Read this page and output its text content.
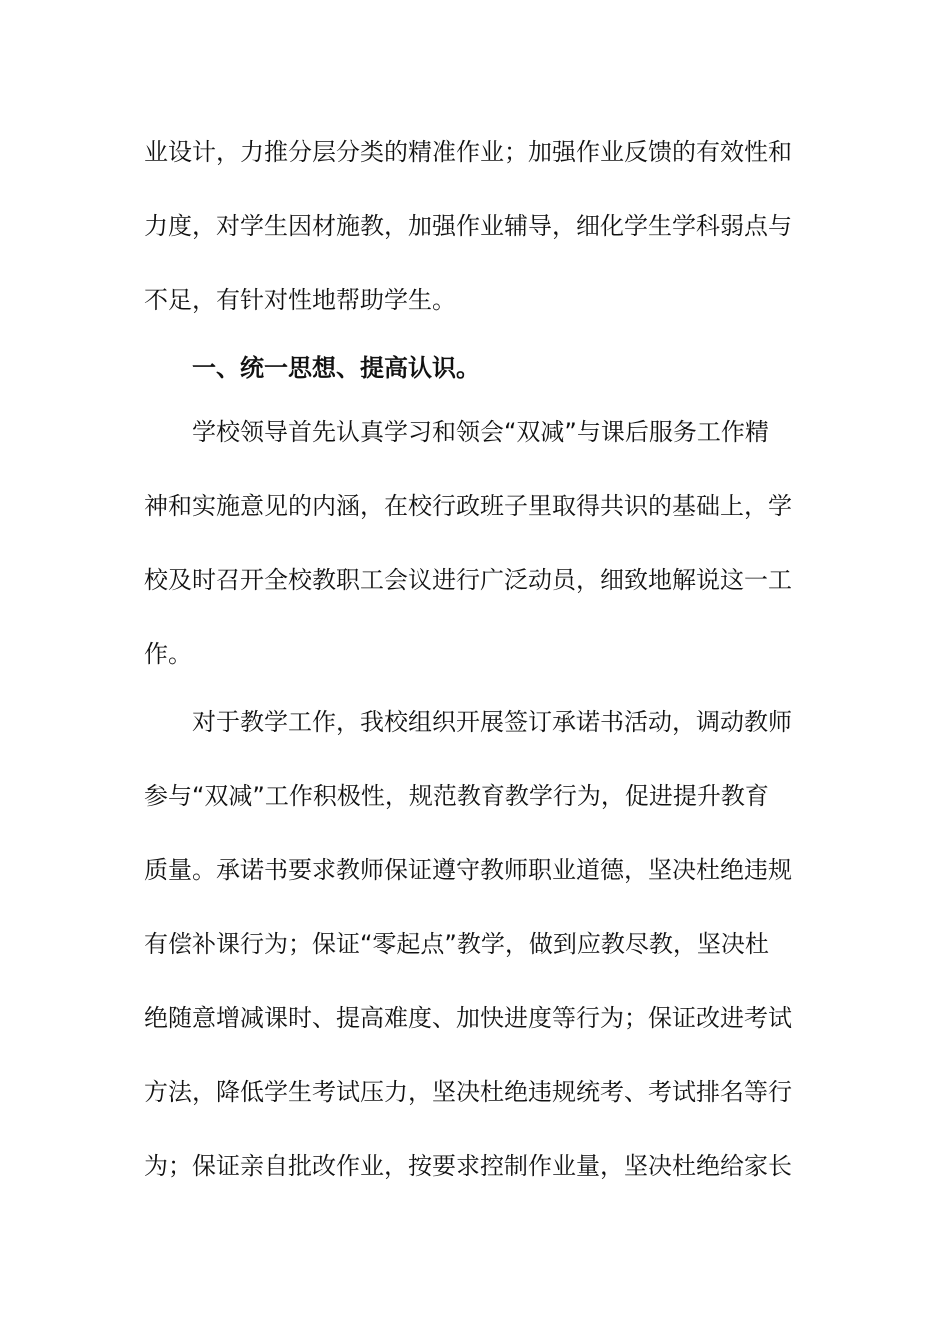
业设计，力推分层分类的精准作业；加强作业反馈的有效性和
力度，对学生因材施教，加强作业辅导，细化学生学科弱点与
不足，有针对性地帮助学生。
一、统一思想、提高认识。
学校领导首先认真学习和领会“双减”与课后服务工作精
神和实施意见的内涵，在校行政班子里取得共识的基础上，学
校及时召开全校教职工会议进行广泛动员，细致地解说这一工
作。
对于教学工作，我校组织开展签订承诺书活动，调动教师
参与“双减”工作积极性，规范教育教学行为，促进提升教育
质量。承诺书要求教师保证遵守教师职业道德，坚决杜绝违规
有偿补课行为；保证“零起点”教学，做到应教尽教，坚决杜
绝随意增减课时、提高难度、加快进度等行为；保证改进考试
方法，降低学生考试压力，坚决杜绝违规统考、考试排名等行
为；保证亲自批改作业，按要求控制作业量，坚决杜绝给家长
